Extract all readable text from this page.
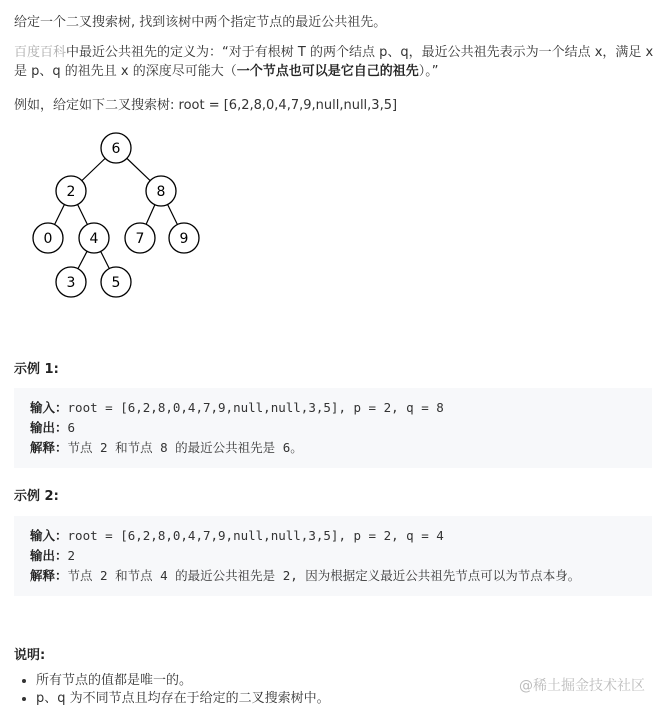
给定一个二叉搜索树, 找到该树中两个指定节点的最近公共祖先。
百度百科中最近公共祖先的定义为：“对于有根树 T 的两个结点 p、q，最近公共祖先表示为一个结点 x，满足 x
是 p、q 的祖先且 x 的深度尽可能大（一个节点也可以是它自己的祖先）。”
例如，给定如下二叉搜索树: root = [6,2,8,0,4,7,9,null,null,3,5]
6
2	8
0	4	7	9
3	5
示例 1:
输入：root = [6,2,8,0,4,7,9,null,null,3,5], p = 2, q = 8
输出：6
解释：节点 2 和节点 8 的最近公共祖先是 6。
示例 2:
输入：root = [6,2,8,0,4,7,9,null,null,3,5], p = 2, q = 4
输出：2
解释：节点 2 和节点 4 的最近公共祖先是 2, 因为根据定义最近公共祖先节点可以为节点本身。
说明:
• 所有节点的值都是唯一的。
• p、q 为不同节点且均存在于给定的二叉搜索树中。
@稀土掘金技术社区
